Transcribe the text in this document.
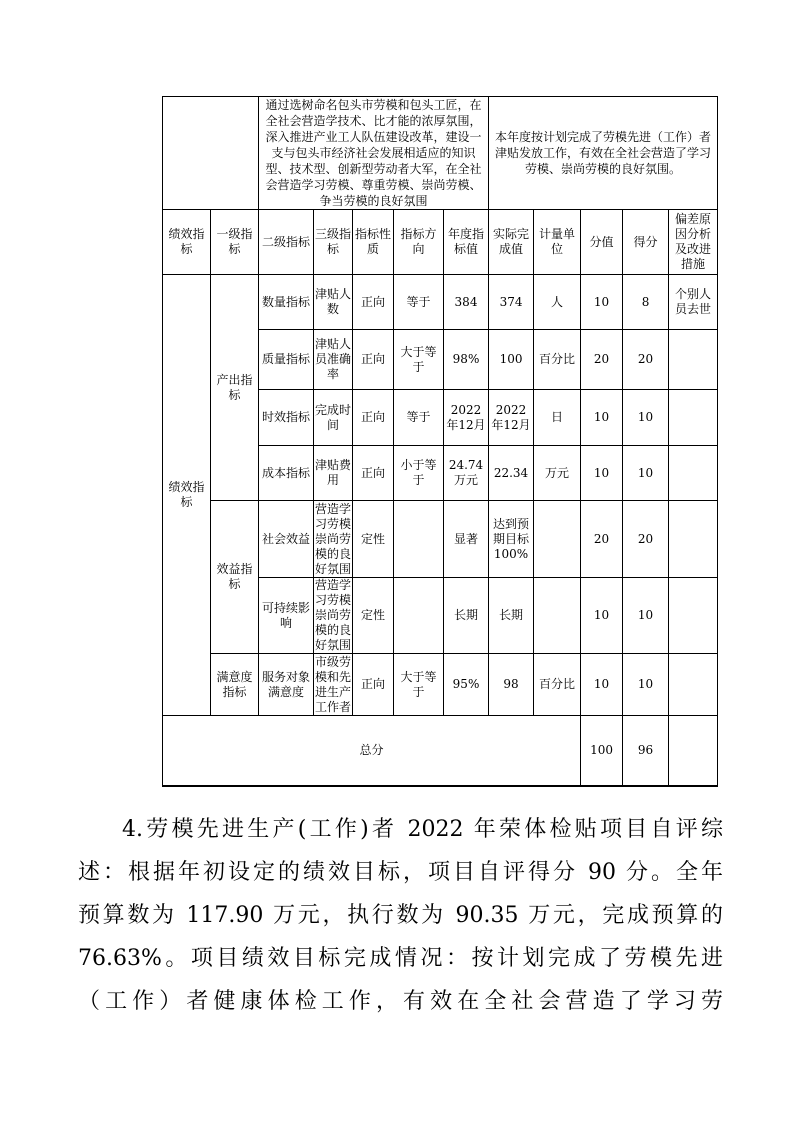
		通过选树命名包头市劳模和包头工匠，在全社会营造学技术、比才能的浓厚氛围，深入推进产业工人队伍建设改革，建设一支与包头市经济社会发展相适应的知识型、技术型、创新型劳动者大军，在全社会营造学习劳模、尊重劳模、崇尚劳模、争当劳模的良好氛围					本年度按计划完成了劳模先进（工作）者津贴发放工作，有效在全社会营造了学习劳模、崇尚劳模的良好氛围。				
绩效指标	一级指标	二级指标	三级指标	指标性质	指标方向	年度指标值	实际完成值	计量单位	分值	得分	偏差原因分析及改进措施
绩效指标	产出指标	数量指标	津贴人数	正向	等于	384	374	人	10	8	个别人员去世
		质量指标	津贴人员准确率	正向	大于等于	98%	100	百分比	20	20	
		时效指标	完成时间	正向	等于	2022年12月	2022年12月	日	10	10	
		成本指标	津贴费用	正向	小于等于	24.74万元	22.34	万元	10	10	
	效益指标	社会效益	营造学习劳模崇尚劳模的良好氛围	定性		显著	达到预期目标100%		20	20	
		可持续影响	营造学习劳模崇尚劳模的良好氛围	定性		长期	长期		10	10	
	满意度指标	服务对象满意度	市级劳模和先进生产工作者	正向	大于等于	95%	98	百分比	10	10	
总分									100	96	
4.劳模先进生产(工作)者 2022 年荣体检贴项目自评综
述：根据年初设定的绩效目标，项目自评得分 90 分。全年
预算数为 117.90 万元，执行数为 90.35 万元，完成预算的
76.63%。项目绩效目标完成情况：按计划完成了劳模先进
（工作）者健康体检工作，有效在全社会营造了学习劳
